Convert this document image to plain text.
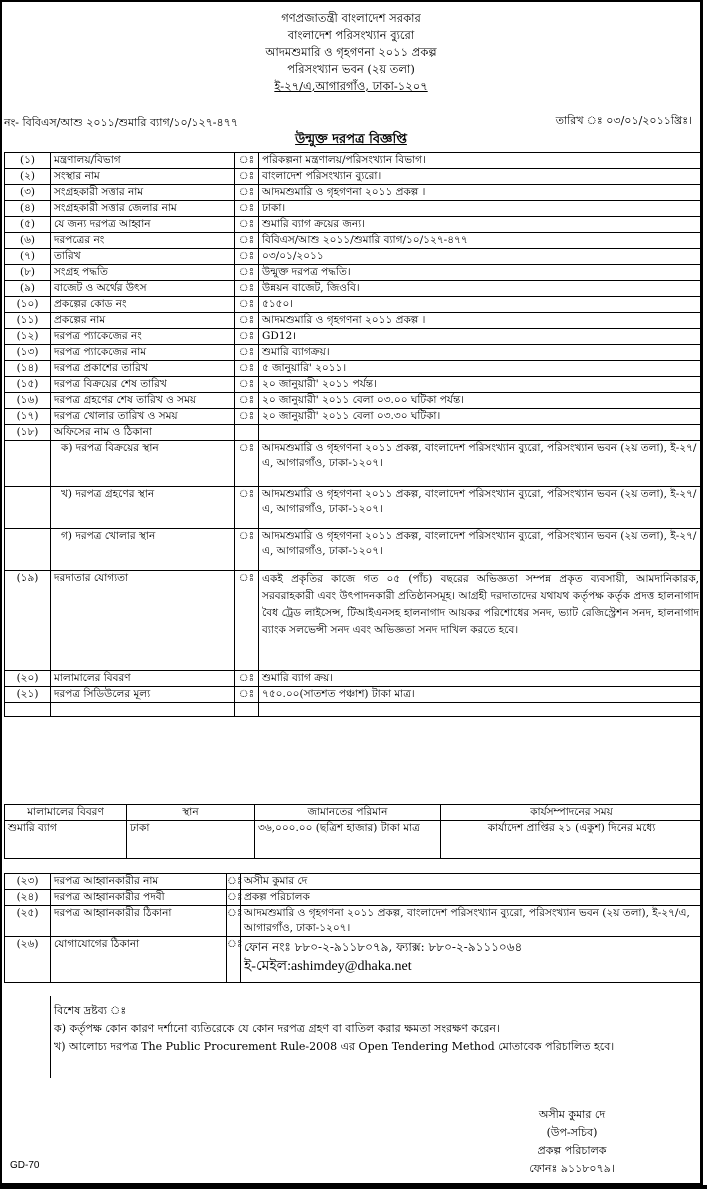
গণপ্রজাতন্ত্রী বাংলাদেশ সরকার
বাংলাদেশ পরিসংখ্যান ব্যুরো
আদমশুমারি ও গৃহগণনা ২০১১ প্রকল্প
পরিসংখ্যান ভবন (২য় তলা)
ই-২৭/এ,আগারগাঁও, ঢাকা-১২০৭
নং- বিবিএস/আশু ২০১১/শুমারি ব্যাগ/১০/১২৭-৪৭৭	তারিখ ঃ ০৩/০১/২০১১খ্রিঃ।
উন্মুক্ত দরপত্র বিজ্ঞপ্তি
(১)	মন্ত্রণালয়/বিভাগ	ঃ	পরিকল্পনা মন্ত্রণালয়/পরিসংখ্যান বিভাগ।
(২)	সংস্থার নাম	ঃ	বাংলাদেশ পরিসংখ্যান ব্যুরো।
(৩)	সংগ্রহকারী সত্তার নাম	ঃ	আদমশুমারি ও গৃহগণনা ২০১১ প্রকল্প ।
(৪)	সংগ্রহকারী সত্তার জেলার নাম	ঃ	ঢাকা।
(৫)	যে জন্য দরপত্র আহ্বান	ঃ	শুমারি ব্যাগ ক্রয়ের জন্য।
(৬)	দরপত্রের নং	ঃ	বিবিএস/আশু ২০১১/শুমারি ব্যাগ/১০/১২৭-৪৭৭
(৭)	তারিখ	ঃ	০৩/০১/২০১১
(৮)	সংগ্রহ পদ্ধতি	ঃ	উন্মুক্ত দরপত্র পদ্ধতি।
(৯)	বাজেট ও অর্থের উৎস	ঃ	উন্নয়ন বাজেট, জিওবি।
(১০)	প্রকল্পের কোড নং	ঃ	৫১৫০।
(১১)	প্রকল্পের নাম	ঃ	আদমশুমারি ও গৃহগণনা ২০১১ প্রকল্প ।
(১২)	দরপত্র প্যাকেজের নং	ঃ	GD12।
(১৩)	দরপত্র প্যাকেজের নাম	ঃ	শুমারি ব্যাগক্রয়।
(১৪)	দরপত্র প্রকাশের তারিখ	ঃ	৫ জানুয়ারি' ২০১১।
(১৫)	দরপত্র বিক্রয়ের শেষ তারিখ	ঃ	২০ জানুয়ারী' ২০১১ পর্যন্ত।
(১৬)	দরপত্র গ্রহণের শেষ তারিখ ও সময়	ঃ	২০ জানুয়ারী' ২০১১ বেলা ০৩.০০ ঘটিকা পর্যন্ত।
(১৭)	দরপত্র খোলার তারিখ ও সময়	ঃ	২০ জানুয়ারী' ২০১১ বেলা ০৩.৩০ ঘটিকা।
(১৮)	অফিসের নাম ও ঠিকানা		
	ক) দরপত্র বিক্রয়ের স্থান	ঃ	আদমশুমারি ও গৃহগণনা ২০১১ প্রকল্প, বাংলাদেশ পরিসংখ্যান ব্যুরো, পরিসংখ্যান ভবন (২য় তলা), ই-২৭/এ, আগারগাঁও, ঢাকা-১২০৭।
	খ) দরপত্র গ্রহণের স্থান	ঃ	আদমশুমারি ও গৃহগণনা ২০১১ প্রকল্প, বাংলাদেশ পরিসংখ্যান ব্যুরো, পরিসংখ্যান ভবন (২য় তলা), ই-২৭/এ, আগারগাঁও, ঢাকা-১২০৭।
	গ) দরপত্র খোলার স্থান	ঃ	আদমশুমারি ও গৃহগণনা ২০১১ প্রকল্প, বাংলাদেশ পরিসংখ্যান ব্যুরো, পরিসংখ্যান ভবন (২য় তলা), ই-২৭/এ, আগারগাঁও, ঢাকা-১২০৭।
(১৯)	দরদাতার যোগ্যতা	ঃ	একই প্রকৃতির কাজে গত ০৫ (পাঁচ) বছরের অভিজ্ঞতা সম্পন্ন প্রকৃত ব্যবসায়ী, আমদানিকারক, সরবরাহকারী এবং উৎপাদনকারী প্রতিষ্ঠানসমূহ। আগ্রহী দরদাতাদের যথাযথ কর্তৃপক্ষ কর্তৃক প্রদত্ত হালনাগাদ বৈধ ট্রেড লাইসেন্স, টিআইএনসহ হালনাগাদ আয়কর পরিশোধের সনদ, ভ্যাট রেজিস্ট্রেশন সনদ, হালনাগাদ ব্যাংক সলভেন্সী সনদ এবং অভিজ্ঞতা সনদ দাখিল করতে হবে।
(২০)	মালামালের বিবরণ	ঃ	শুমারি ব্যাগ ক্রয়।
(২১)	দরপত্র সিডিউলের মূল্য	ঃ	৭৫০.০০(সাতশত পঞ্চাশ) টাকা মাত্র।

মালামালের বিবরণ	স্থান	জামানতের পরিমান	কার্যসম্পাদনের সময়
শুমারি ব্যাগ	ঢাকা	৩৬,০০০.০০ (ছত্রিশ হাজার) টাকা মাত্র	কার্যাদেশ প্রাপ্তির ২১ (একুশ) দিনের মধ্যে
(২৩)	দরপত্র আহ্বানকারীর নাম	ঃ	অসীম কুমার দে
(২৪)	দরপত্র আহ্বানকারীর পদবী	ঃ	প্রকল্প পরিচালক
(২৫)	দরপত্র আহ্বানকারীর ঠিকানা	ঃ	আদমশুমারি ও গৃহগণনা ২০১১ প্রকল্প, বাংলাদেশ পরিসংখ্যান ব্যুরো, পরিসংখ্যান ভবন (২য় তলা), ই-২৭/এ, আগারগাঁও, ঢাকা-১২০৭।
(২৬)	যোগাযোগের ঠিকানা	ঃ	ফোন নংঃ ৮৮০-২-৯১১৮০৭৯, ফ্যাক্স: ৮৮০-২-৯১১১০৬৪
ই-মেইল:ashimdey@dhaka.net
বিশেষ দ্রষ্টব্য ঃ
ক) কর্তৃপক্ষ কোন কারণ দর্শানো ব্যতিরেকে যে কোন দরপত্র গ্রহণ বা বাতিল করার ক্ষমতা সংরক্ষণ করেন।
খ) আলোচ্য দরপত্র The Public Procurement Rule-2008 এর Open Tendering Method মোতাবেক পরিচালিত হবে।
অসীম কুমার দে
(উপ-সচিব)
প্রকল্প পরিচালক
ফোনঃ ৯১১৮০৭৯।
GD-70
